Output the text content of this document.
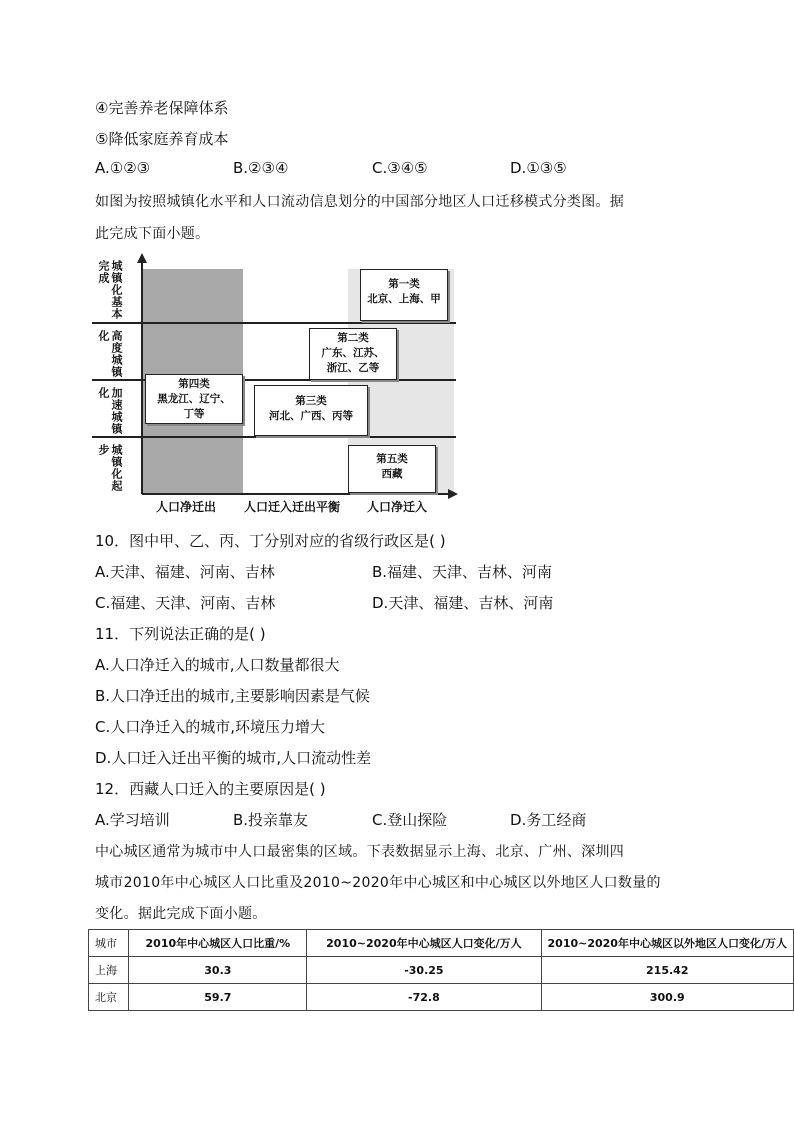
④完善养老保障体系
⑤降低家庭养育成本
A.①②③	B.②③④	C.③④⑤	D.①③⑤
如图为按照城镇化水平和人口流动信息划分的中国部分地区人口迁移模式分类图。据
此完成下面小题。
城镇化基本完成
高度城镇化
加速城镇化
城镇化起步
第一类
北京、上海、甲
第二类
广东、江苏、
浙江、乙等
第三类
河北、广西、丙等
第四类
黑龙江、辽宁、
丁等
第五类
西藏
人口净迁出 人口迁入迁出平衡 人口净迁入
10．图中甲、乙、丙、丁分别对应的省级行政区是( )
A.天津、福建、河南、吉林	B.福建、天津、吉林、河南
C.福建、天津、河南、吉林	D.天津、福建、吉林、河南
11．下列说法正确的是( )
A.人口净迁入的城市,人口数量都很大
B.人口净迁出的城市,主要影响因素是气候
C.人口净迁入的城市,环境压力增大
D.人口迁入迁出平衡的城市,人口流动性差
12．西藏人口迁入的主要原因是( )
A.学习培训	B.投亲靠友	C.登山探险	D.务工经商
中心城区通常为城市中人口最密集的区域。下表数据显示上海、北京、广州、深圳四
城市2010年中心城区人口比重及2010~2020年中心城区和中心城区以外地区人口数量的
变化。据此完成下面小题。
城市	2010年中心城区人口比重/%	2010~2020年中心城区人口变化/万人	2010~2020年中心城区以外地区人口变化/万人
上海	30.3	-30.25	215.42
北京	59.7	-72.8	300.9
